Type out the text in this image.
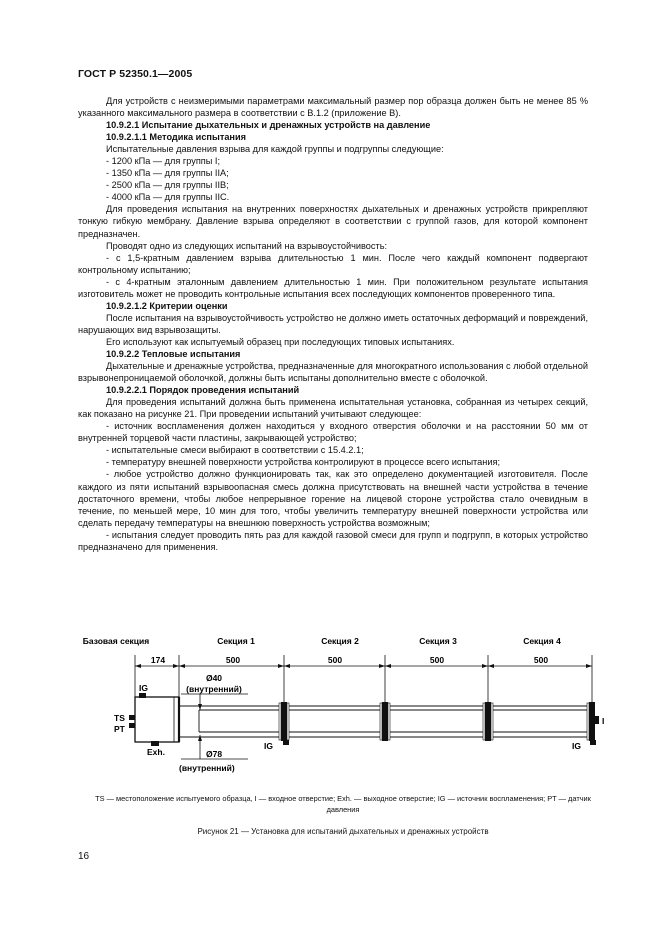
ГОСТ Р 52350.1—2005

Для устройств с неизмеримыми параметрами максимальный размер пор образца должен быть не менее 85 % указанного максимального размера в соответствии с В.1.2 (приложение В).

10.9.2.1 Испытание дыхательных и дренажных устройств на давление

10.9.2.1.1 Методика испытания

Испытательные давления взрыва для каждой группы и подгруппы следующие:

- 1200 кПа — для группы I;

- 1350 кПа — для группы IIA;

- 2500 кПа — для группы IIB;

- 4000 кПа — для группы IIC.

Для проведения испытания на внутренних поверхностях дыхательных и дренажных устройств прикрепляют тонкую гибкую мембрану. Давление взрыва определяют в соответствии с группой газов, для которой компонент предназначен.

Проводят одно из следующих испытаний на взрывоустойчивость:

- с 1,5-кратным давлением взрыва длительностью 1 мин. После чего каждый компонент подвергают контрольному испытанию;

- с 4-кратным эталонным давлением длительностью 1 мин. При положительном результате испытания изготовитель может не проводить контрольные испытания всех последующих компонентов проверенного типа.

10.9.2.1.2 Критерии оценки

После испытания на взрывоустойчивость устройство не должно иметь остаточных деформаций и повреждений, нарушающих вид взрывозащиты.

Его используют как испытуемый образец при последующих типовых испытаниях.

10.9.2.2 Тепловые испытания

Дыхательные и дренажные устройства, предназначенные для многократного использования с любой отдельной взрывонепроницаемой оболочкой, должны быть испытаны дополнительно вместе с оболочкой.

10.9.2.2.1 Порядок проведения испытаний

Для проведения испытаний должна быть применена испытательная установка, собранная из четырех секций, как показано на рисунке 21. При проведении испытаний учитывают следующее:

- источник воспламенения должен находиться у входного отверстия оболочки и на расстоянии 50 мм от внутренней торцевой части пластины, закрывающей устройство;

- испытательные смеси выбирают в соответствии с 15.4.2.1;

- температуру внешней поверхности устройства контролируют в процессе всего испытания;

- любое устройство должно функционировать так, как это определено документацией изготовителя. После каждого из пяти испытаний взрывоопасная смесь должна присутствовать на внешней части устройства в течение достаточного времени, чтобы любое непрерывное горение на лицевой стороне устройства стало очевидным в течение, по меньшей мере, 10 мин для того, чтобы увеличить температуру внешней поверхности устройства или сделать передачу температуры на внешнюю поверхность устройства возможным;

- испытания следует проводить пять раз для каждой газовой смеси для групп и подгрупп, в которых устройство предназначено для применения.

Базовая секция	Секция 1	Секция 2	Секция 3	Секция 4
174	500	500	500	500
Ø40
(внутренний)
IG
TS
PT
Exh.
IG	IG
I
Ø78
(внутренний)
TS — местоположение испытуемого образца, I — входное отверстие; Exh. — выходное отверстие; IG — источник воспламенения; PT — датчик давления
Рисунок 21 — Установка для испытаний дыхательных и дренажных устройств
16
